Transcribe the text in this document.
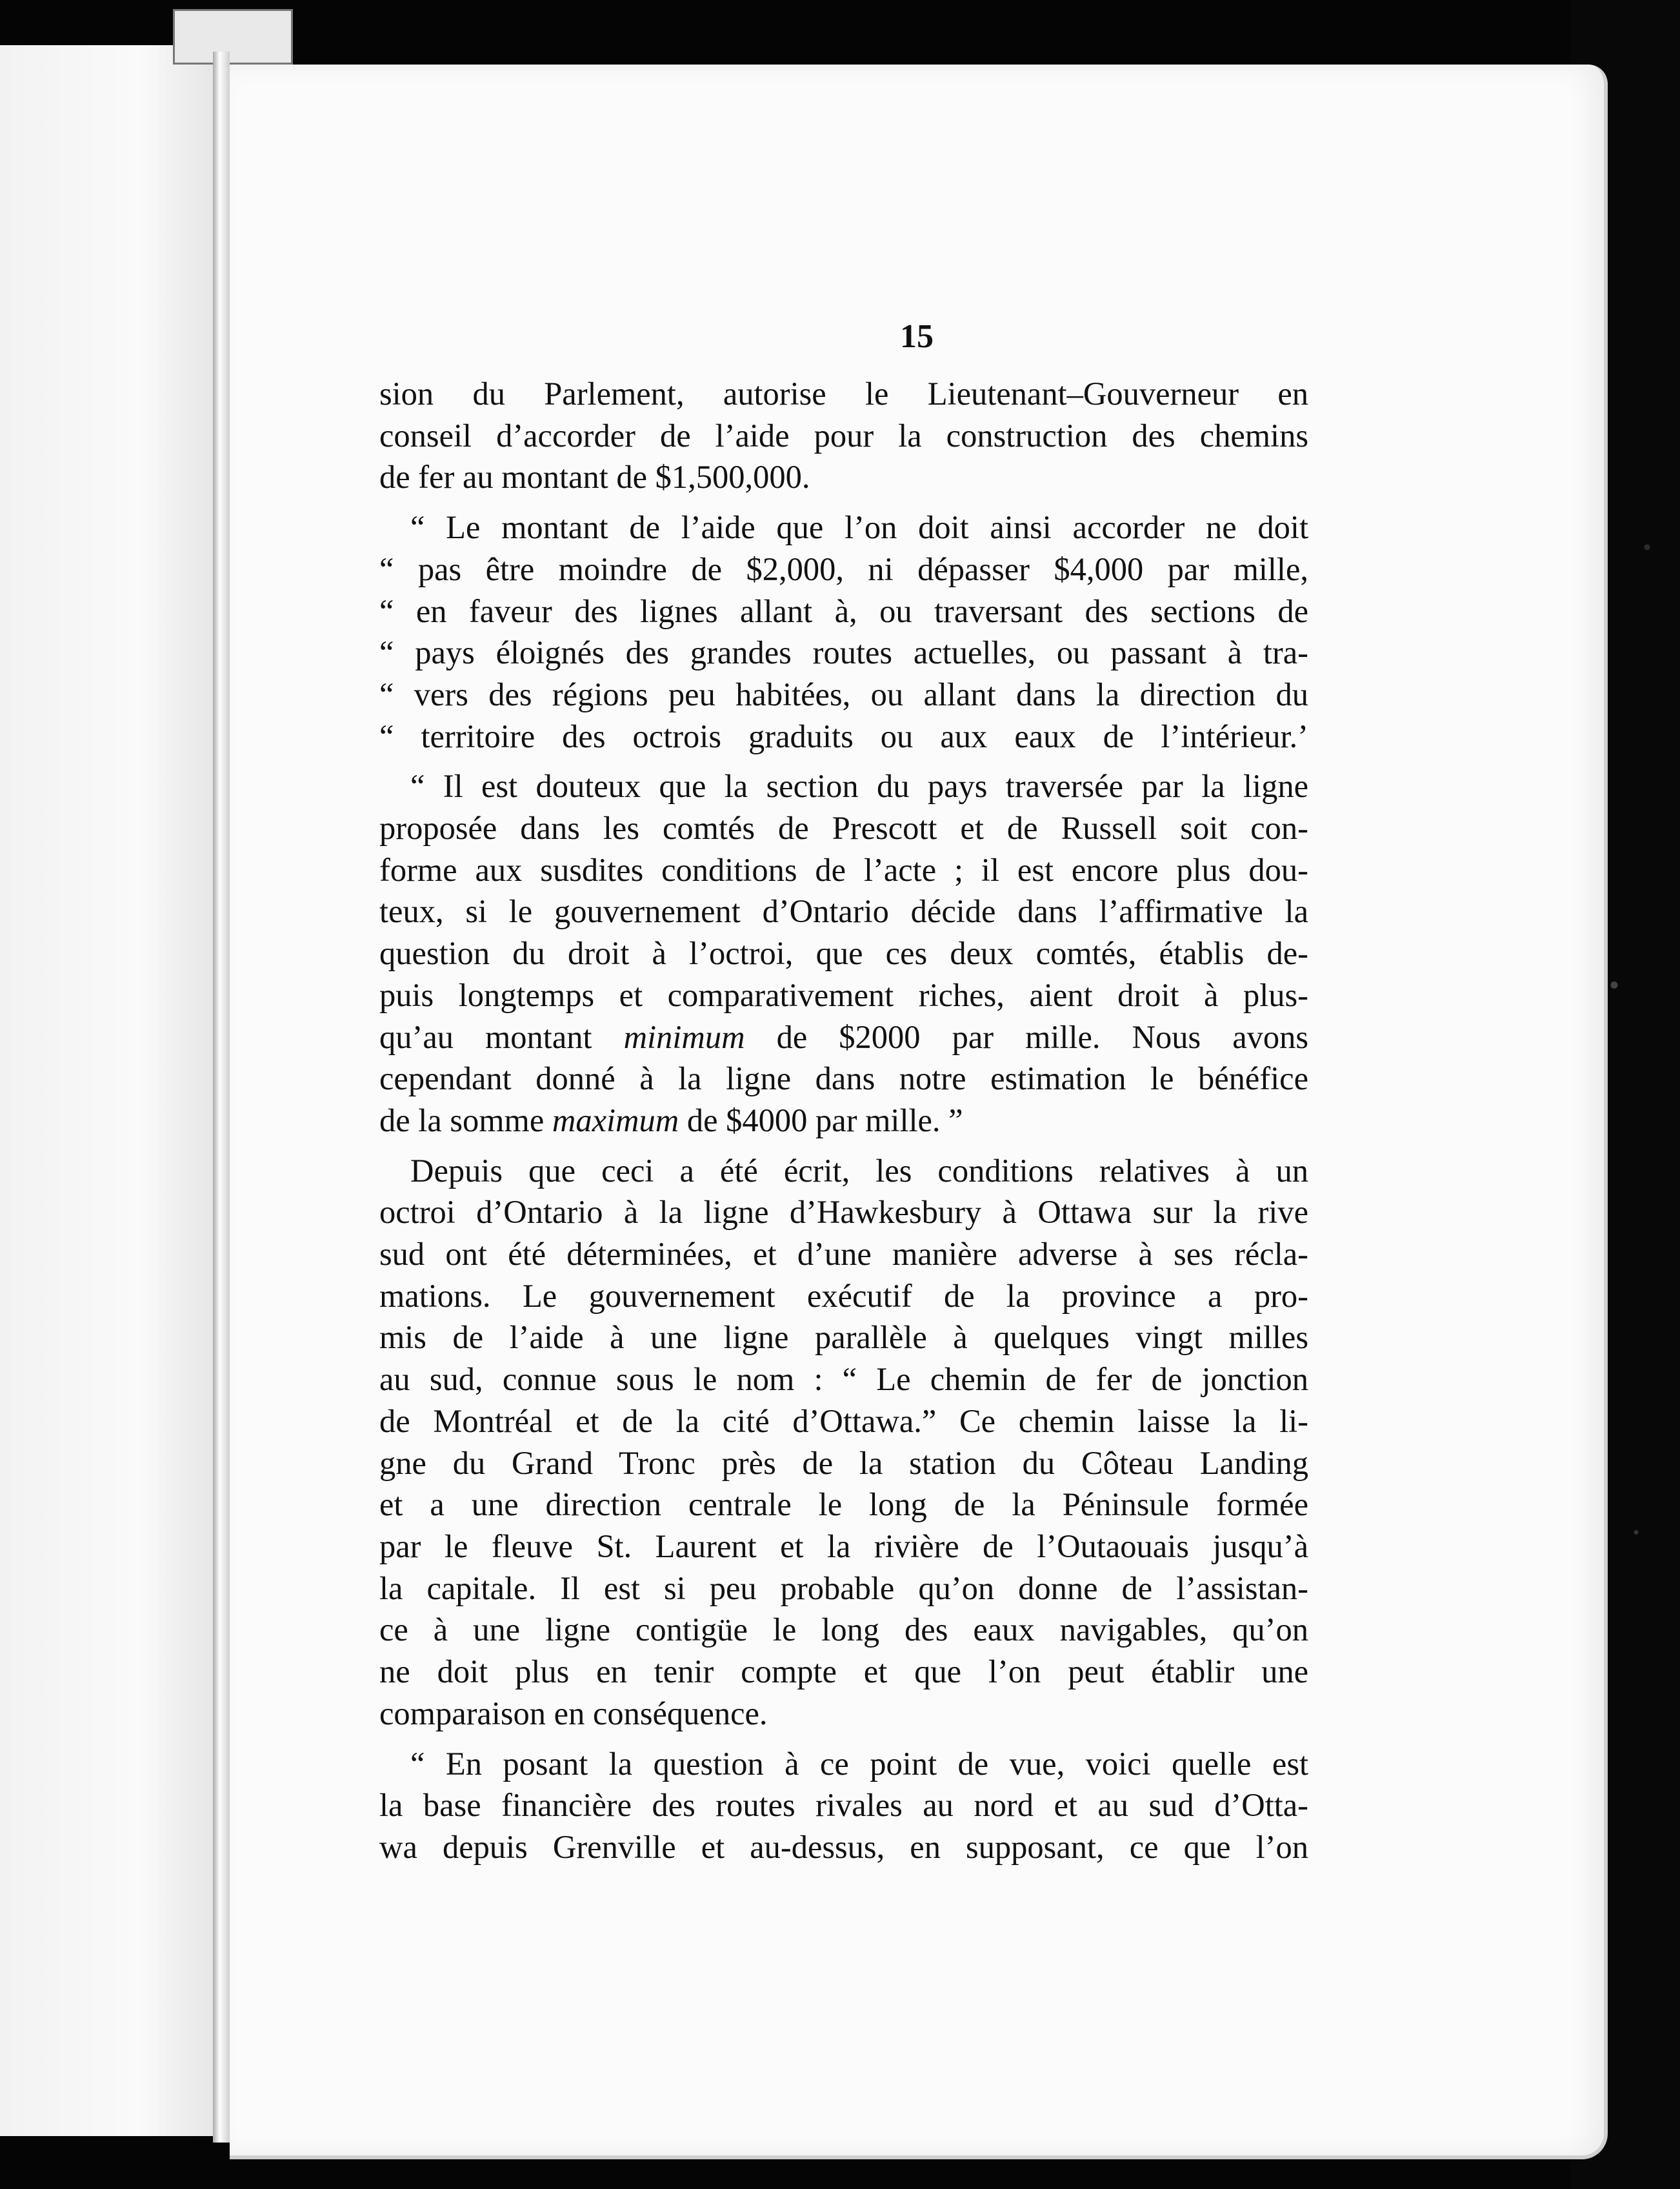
15

sion du Parlement, autorise le Lieutenant–Gouverneur en
conseil d’accorder de l’aide pour la construction des chemins
de fer au montant de $1,500,000.
“ Le montant de l’aide que l’on doit ainsi accorder ne doit
“ pas être moindre de $2,000, ni dépasser $4,000 par mille,
“ en faveur des lignes allant à, ou traversant des sections de
“ pays éloignés des grandes routes actuelles, ou passant à tra-
“ vers des régions peu habitées, ou allant dans la direction du
“ territoire des octrois graduits ou aux eaux de l’intérieur.’
“ Il est douteux que la section du pays traversée par la ligne
proposée dans les comtés de Prescott et de Russell soit con-
forme aux susdites conditions de l’acte ; il est encore plus dou-
teux, si le gouvernement d’Ontario décide dans l’affirmative la
question du droit à l’octroi, que ces deux comtés, établis de-
puis longtemps et comparativement riches, aient droit à plus-
qu’au montant minimum de $2000 par mille. Nous avons
cependant donné à la ligne dans notre estimation le bénéfice
de la somme maximum de $4000 par mille. ”
Depuis que ceci a été écrit, les conditions relatives à un
octroi d’Ontario à la ligne d’Hawkesbury à Ottawa sur la rive
sud ont été déterminées, et d’une manière adverse à ses récla-
mations. Le gouvernement exécutif de la province a pro-
mis de l’aide à une ligne parallèle à quelques vingt milles
au sud, connue sous le nom : “ Le chemin de fer de jonction
de Montréal et de la cité d’Ottawa.” Ce chemin laisse la li-
gne du Grand Tronc près de la station du Côteau Landing
et a une direction centrale le long de la Péninsule formée
par le fleuve St. Laurent et la rivière de l’Outaouais jusqu’à
la capitale. Il est si peu probable qu’on donne de l’assistan-
ce à une ligne contigüe le long des eaux navigables, qu’on
ne doit plus en tenir compte et que l’on peut établir une
comparaison en conséquence.
“ En posant la question à ce point de vue, voici quelle est
la base financière des routes rivales au nord et au sud d’Otta-
wa depuis Grenville et au-dessus, en supposant, ce que l’on
